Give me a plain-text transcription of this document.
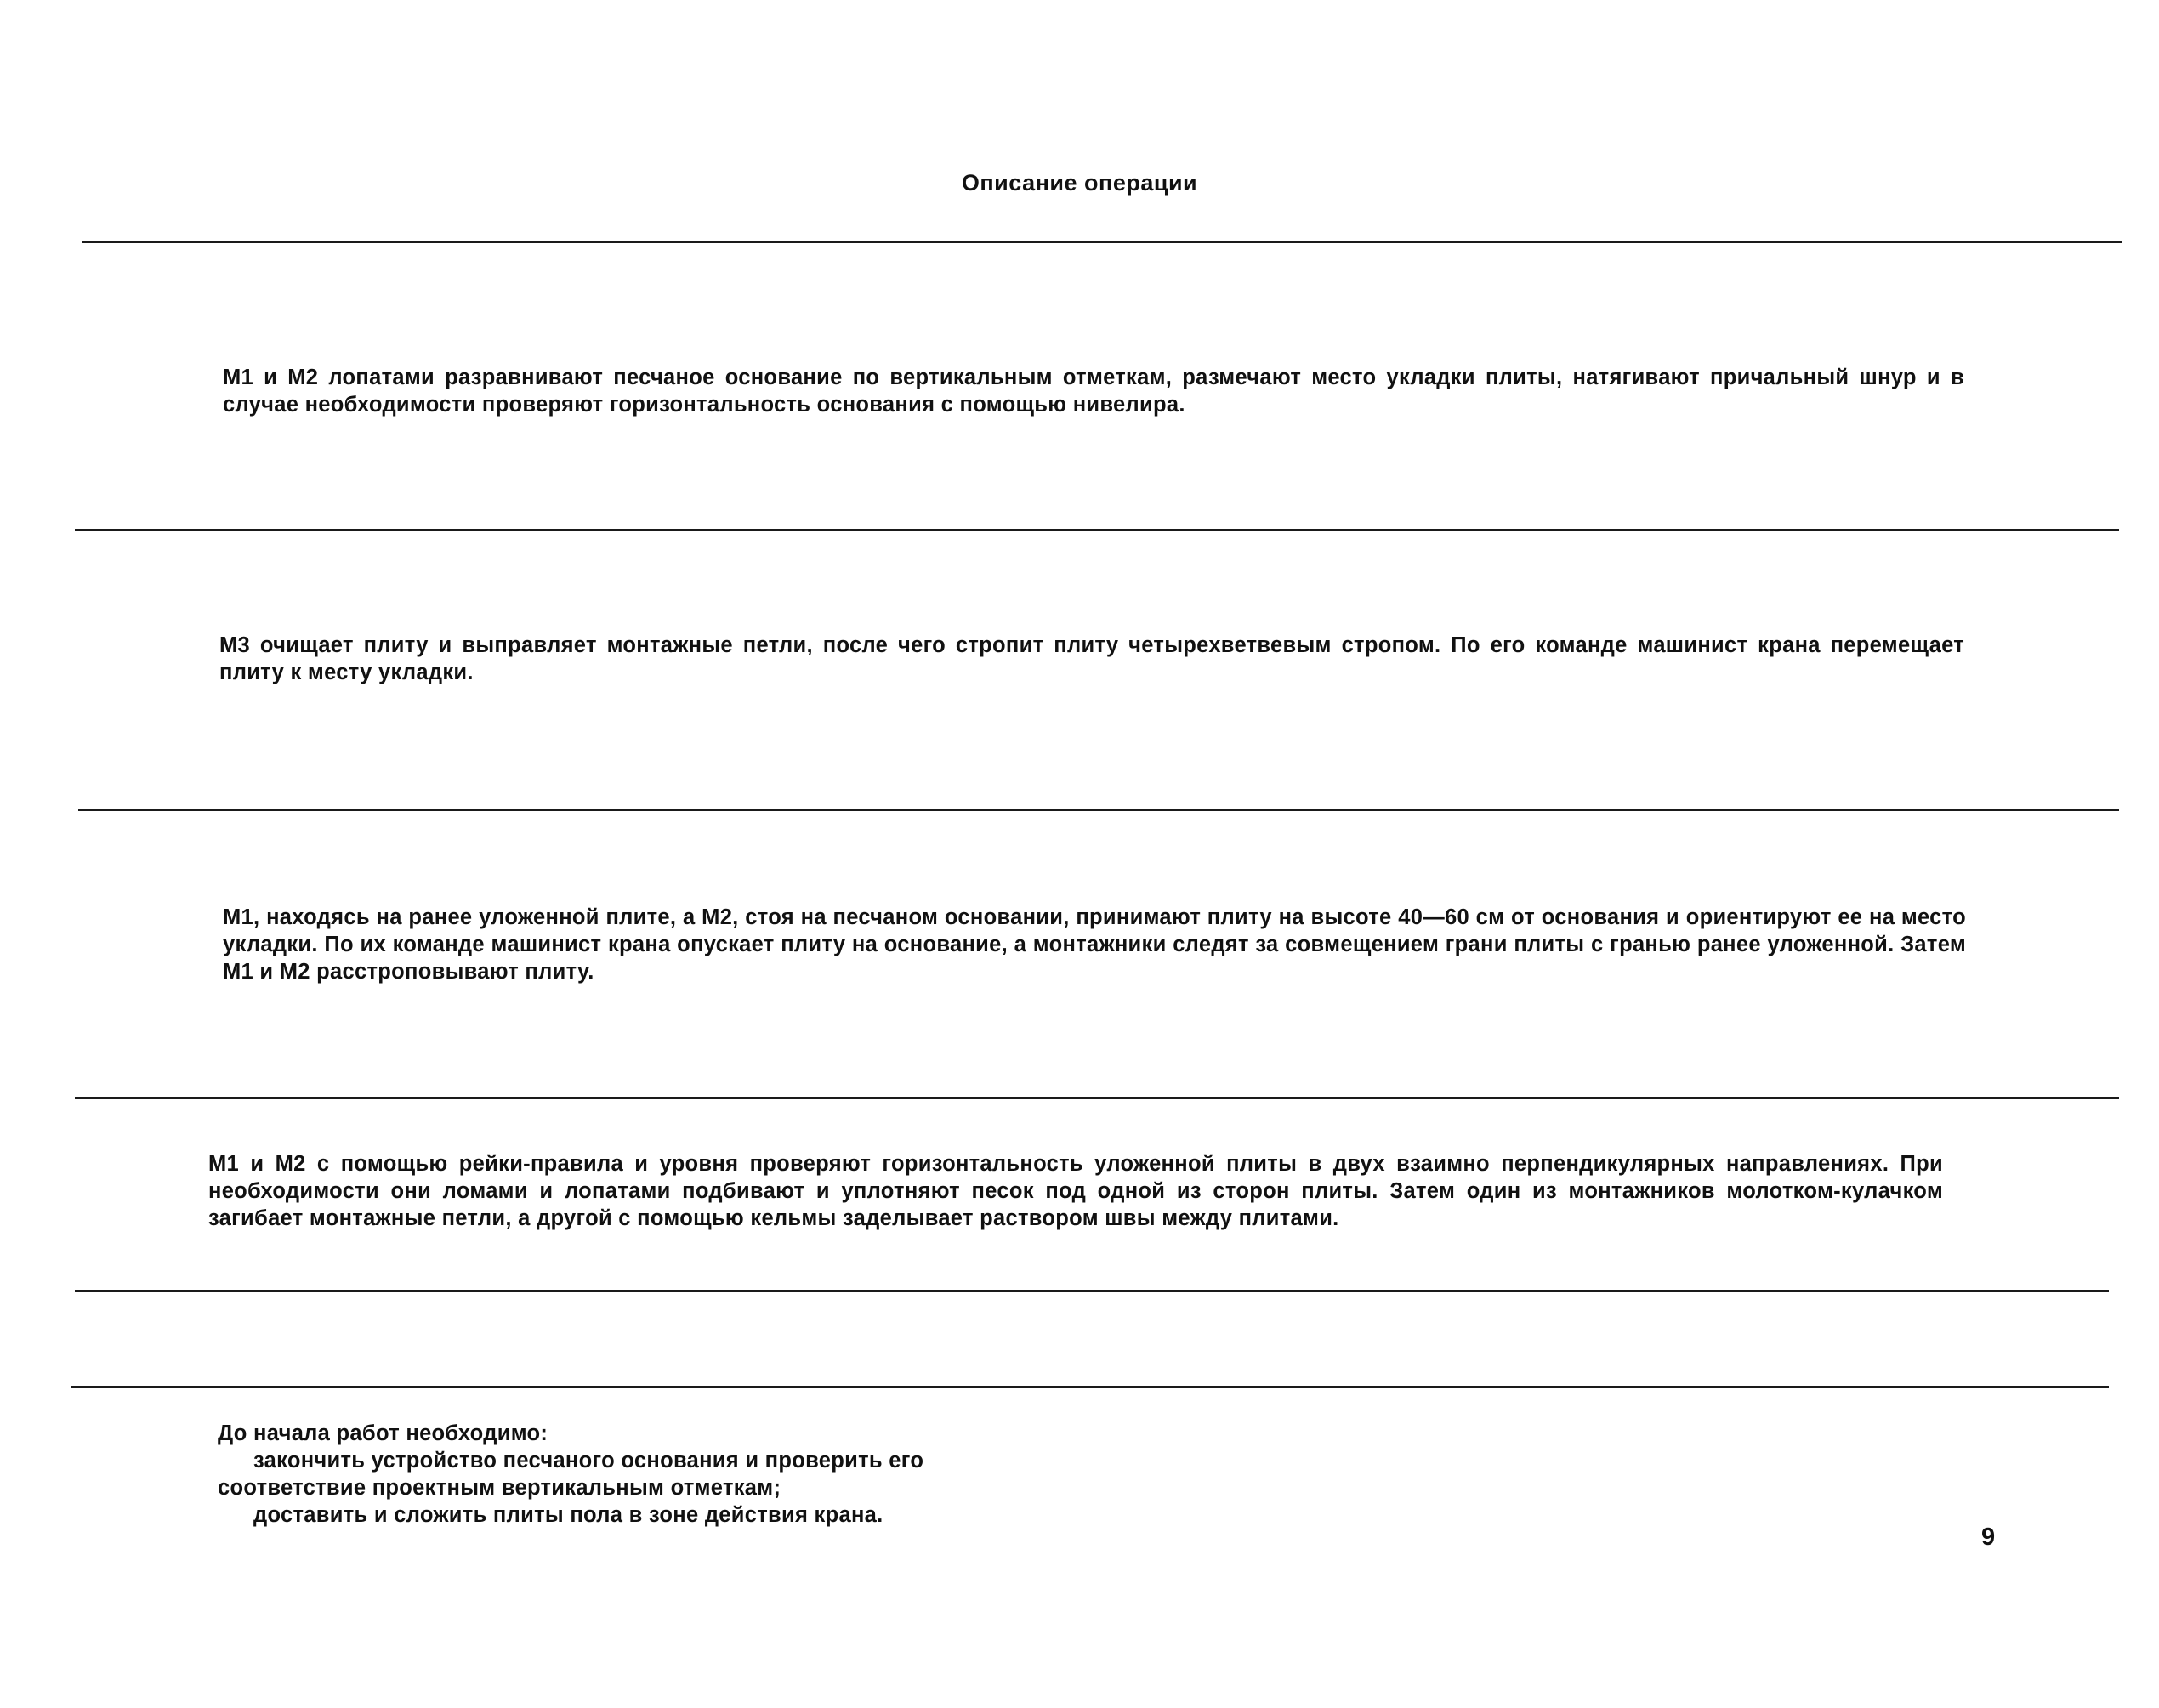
Описание операции
М1 и М2 лопатами разравнивают песчаное основание по вертикальным отметкам, размечают место укладки плиты, натягивают причальный шнур и в случае необходимости проверяют горизонтальность основания с помощью нивелира.
М3 очищает плиту и выправляет монтажные петли, после чего стропит плиту четырехветвевым стропом. По его команде машинист крана перемещает плиту к месту укладки.
М1, находясь на ранее уложенной плите, а М2, стоя на песчаном основании, принимают плиту на высоте 40—60 см от основания и ориентируют ее на место укладки. По их команде машинист крана опускает плиту на основание, а монтажники следят за совмещением грани плиты с гранью ранее уложенной. Затем М1 и М2 расстроповывают плиту.
М1 и М2 с помощью рейки-правила и уровня проверяют горизонтальность уложенной плиты в двух взаимно перпендикулярных направлениях. При необходимости они ломами и лопатами подбивают и уплотняют песок под одной из сторон плиты. Затем один из монтажников молотком-кулачком загибает монтажные петли, а другой с помощью кельмы заделывает раствором швы между плитами.
До начала работ необходимо:
закончить устройство песчаного основания и проверить его
соответствие проектным вертикальным отметкам;
доставить и сложить плиты пола в зоне действия крана.
9
